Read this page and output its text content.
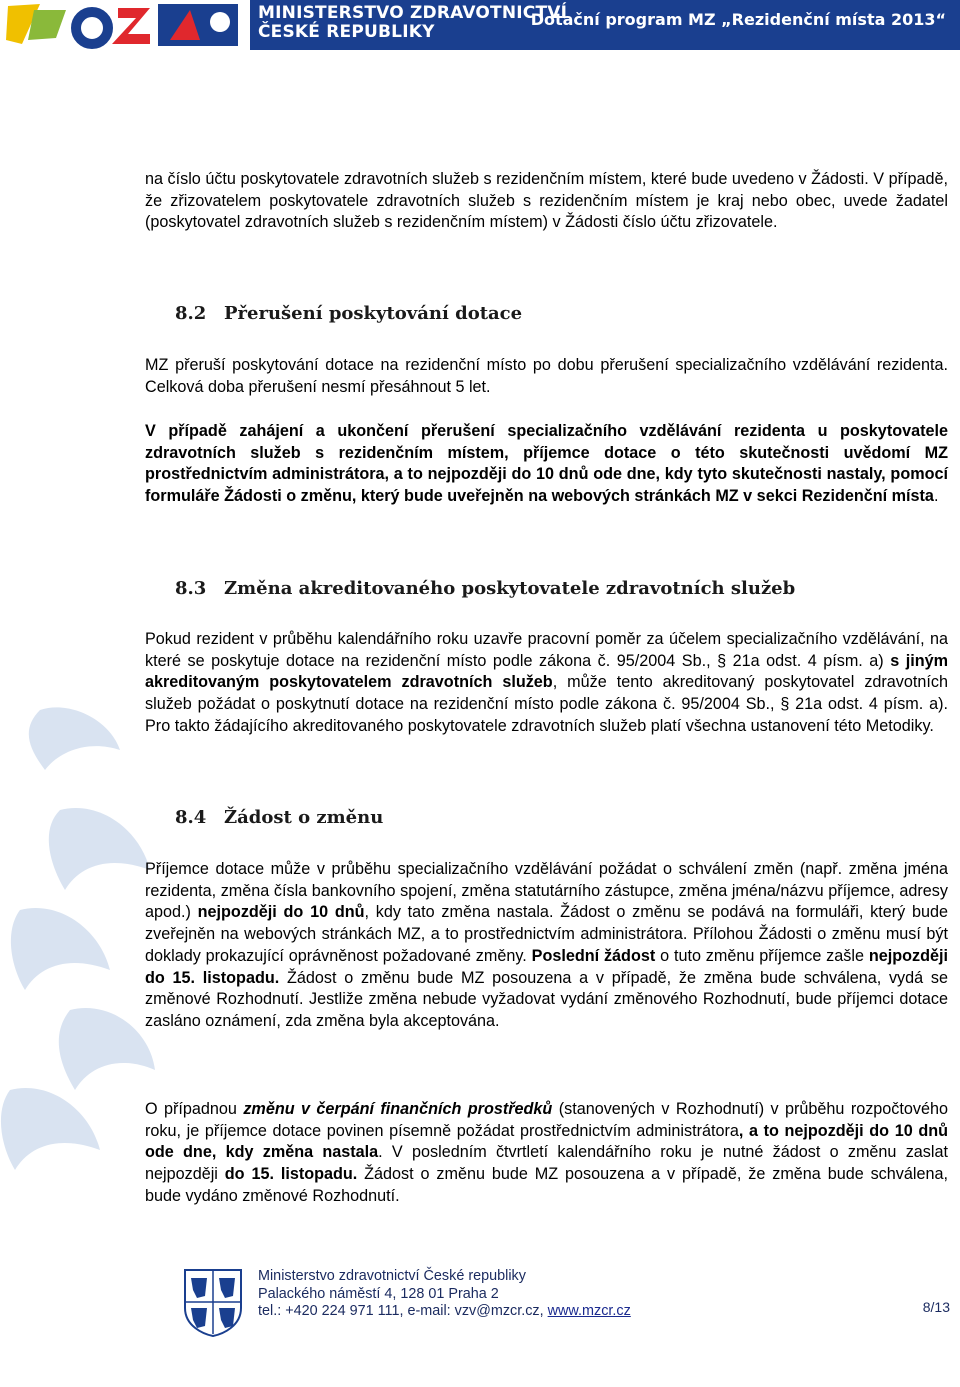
MINISTERSTVO ZDRAVOTNICTVÍ
ČESKÉ REPUBLIKY
Dotační program MZ „Rezidenční místa 2013“

na číslo účtu poskytovatele zdravotních služeb s rezidenčním místem, které bude uvedeno v Žádosti. V případě, že zřizovatelem poskytovatele zdravotních služeb s rezidenčním místem je kraj nebo obec, uvede žadatel (poskytovatel zdravotních služeb s rezidenčním místem) v Žádosti číslo účtu zřizovatele.

8.2 Přerušení poskytování dotace

MZ přeruší poskytování dotace na rezidenční místo po dobu přerušení specializačního vzdělávání rezidenta. Celková doba přerušení nesmí přesáhnout 5 let.

V případě zahájení a ukončení přerušení specializačního vzdělávání rezidenta u poskytovatele zdravotních služeb s rezidenčním místem, příjemce dotace o této skutečnosti uvědomí MZ prostřednictvím administrátora, a to nejpozději do 10 dnů ode dne, kdy tyto skutečnosti nastaly, pomocí formuláře Žádosti o změnu, který bude uveřejněn na webových stránkách MZ v sekci Rezidenční místa.

8.3 Změna akreditovaného poskytovatele zdravotních služeb

Pokud rezident v průběhu kalendářního roku uzavře pracovní poměr za účelem specializačního vzdělávání, na které se poskytuje dotace na rezidenční místo podle zákona č. 95/2004 Sb., § 21a odst. 4 písm. a) s jiným akreditovaným poskytovatelem zdravotních služeb, může tento akreditovaný poskytovatel zdravotních služeb požádat o poskytnutí dotace na rezidenční místo podle zákona č. 95/2004 Sb., § 21a odst. 4 písm. a). Pro takto žádajícího akreditovaného poskytovatele zdravotních služeb platí všechna ustanovení této Metodiky.

8.4 Žádost o změnu

Příjemce dotace může v průběhu specializačního vzdělávání požádat o schválení změn (např. změna jména rezidenta, změna čísla bankovního spojení, změna statutárního zástupce, změna jména/názvu příjemce, adresy apod.) nejpozději do 10 dnů, kdy tato změna nastala. Žádost o změnu se podává na formuláři, který bude zveřejněn na webových stránkách MZ, a to prostřednictvím administrátora. Přílohou Žádosti o změnu musí být doklady prokazující oprávněnost požadované změny. Poslední žádost o tuto změnu příjemce zašle nejpozději do 15. listopadu. Žádost o změnu bude MZ posouzena a v případě, že změna bude schválena, vydá se změnové Rozhodnutí. Jestliže změna nebude vyžadovat vydání změnového Rozhodnutí, bude příjemci dotace zasláno oznámení, zda změna byla akceptována.

O případnou změnu v čerpání finančních prostředků (stanovených v Rozhodnutí) v průběhu rozpočtového roku, je příjemce dotace povinen písemně požádat prostřednictvím administrátora, a to nejpozději do 10 dnů ode dne, kdy změna nastala. V posledním čtvrtletí kalendářního roku je nutné žádost o změnu zaslat nejpozději do 15. listopadu. Žádost o změnu bude MZ posouzena a v případě, že změna bude schválena, bude vydáno změnové Rozhodnutí.

Ministerstvo zdravotnictví České republiky
Palackého náměstí 4, 128 01 Praha 2
tel.: +420 224 971 111, e-mail: vzv@mzcr.cz, www.mzcr.cz	8/13
